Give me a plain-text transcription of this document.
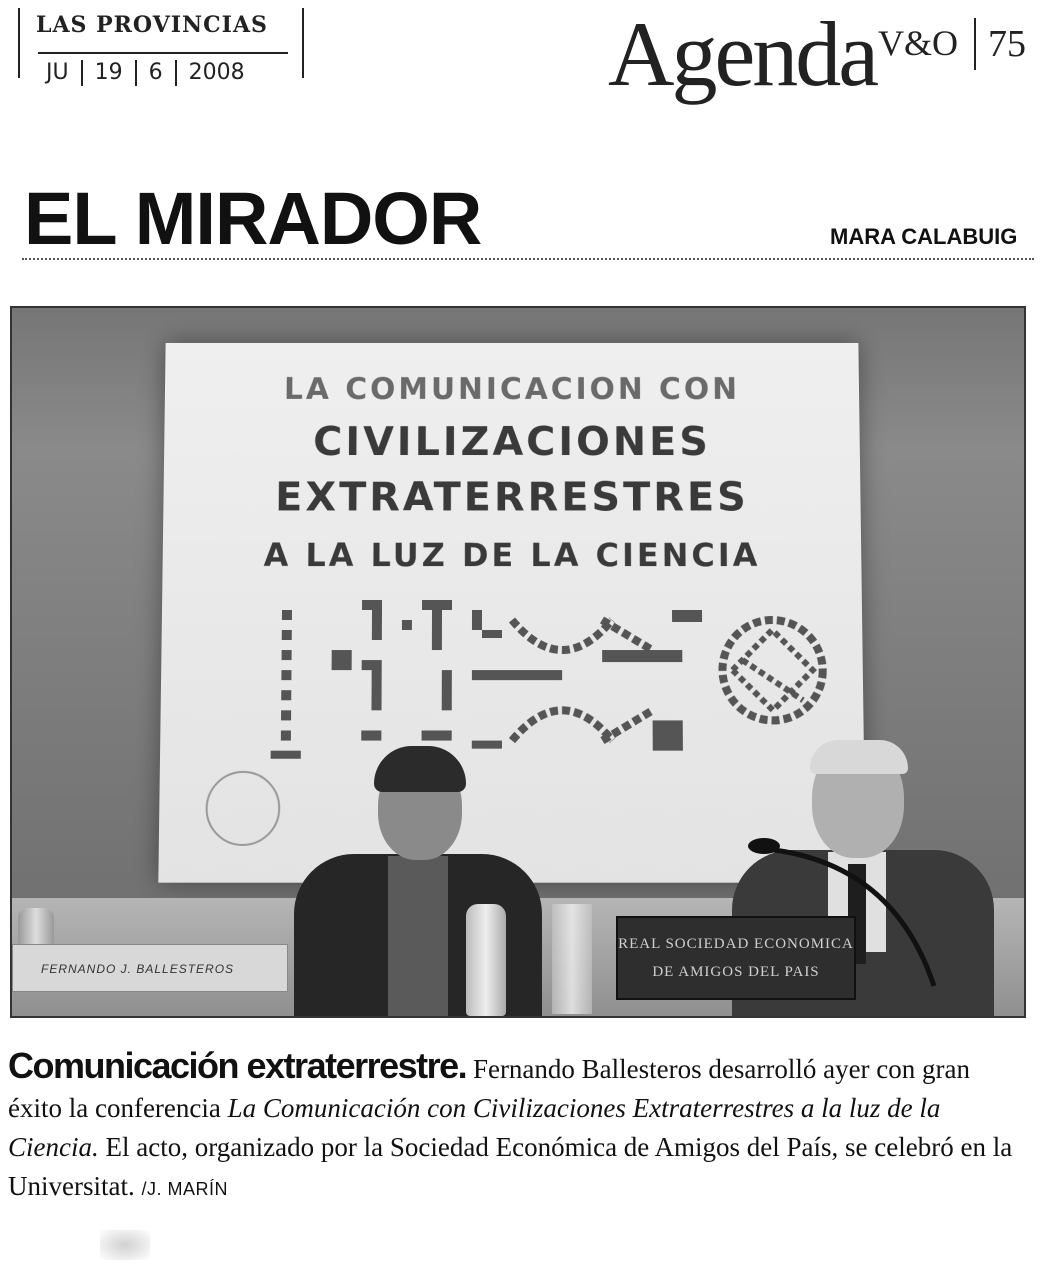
LAS PROVINCIAS
JU	19	6	2008	Agenda V&O 75
EL MIRADOR	MARA CALABUIG
LA COMUNICACION CON
CIVILIZACIONES
EXTRATERRESTRES
A LA LUZ DE LA CIENCIA
FERNANDO J. BALLESTEROS
REAL SOCIEDAD ECONOMICA
DE AMIGOS DEL PAIS
Comunicación extraterrestre. Fernando Ballesteros desarrolló ayer con gran éxito la conferencia La Comunicación con Civilizaciones Extraterrestres a la luz de la Ciencia. El acto, organizado por la Sociedad Económica de Amigos del País, se celebró en la Universitat. /J. MARÍN
